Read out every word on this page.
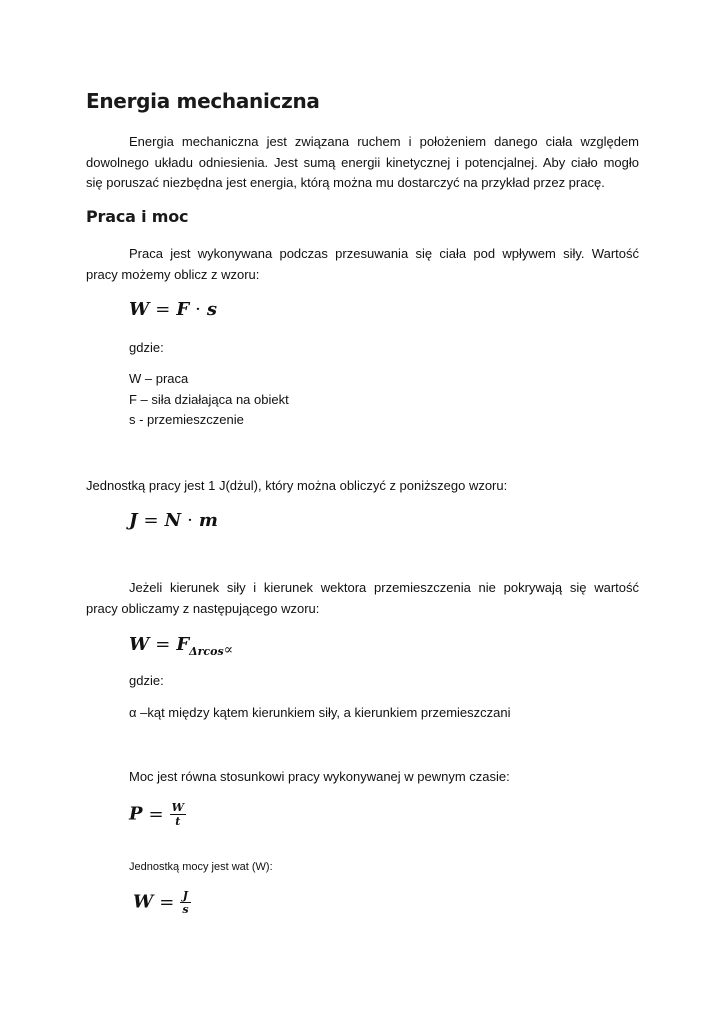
Energia mechaniczna
Energia mechaniczna jest związana ruchem i położeniem danego ciała względem
dowolnego układu odniesienia. Jest sumą energii kinetycznej i potencjalnej. Aby ciało mogło
się poruszać niezbędna jest energia, którą można mu dostarczyć na przykład przez pracę.
Praca i moc
Praca jest wykonywana podczas przesuwania się ciała pod wpływem siły. Wartość
pracy możemy oblicz z wzoru:
W = F · s
gdzie:
W – praca
F – siła działająca na obiekt
s - przemieszczenie
Jednostką pracy jest 1 J(dżul), który można obliczyć z poniższego wzoru:
J = N · m
Jeżeli kierunek siły i kierunek wektora przemieszczenia nie pokrywają się wartość
pracy obliczamy z następującego wzoru:
$W = F_{\Delta rcos\propto}$
gdzie:
α –kąt między kątem kierunkiem siły, a kierunkiem przemieszczani
Moc jest równa stosunkowi pracy wykonywanej w pewnym czasie:
$P = \frac{W}{t}$
Jednostką mocy jest wat (W):
$W = \frac{J}{s}$
